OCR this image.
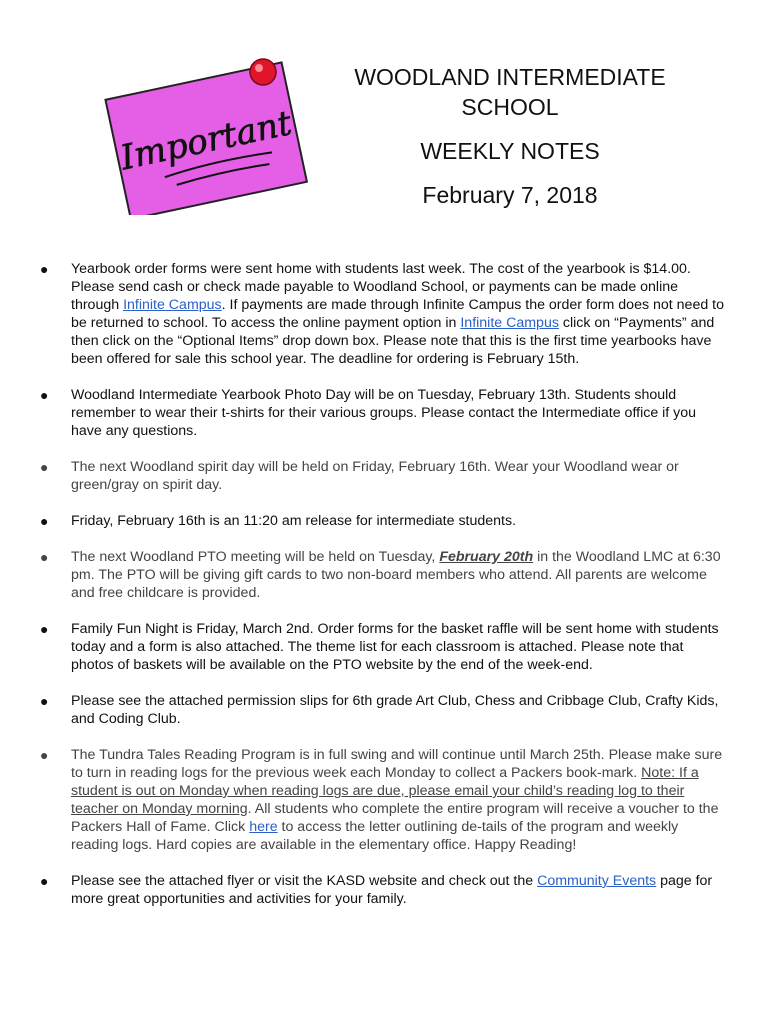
Important
WOODLAND INTERMEDIATE
SCHOOL
WEEKLY NOTES
February 7, 2018
● Yearbook order forms were sent home with students last week. The cost of the yearbook is $14.00. Please send cash or check made payable to Woodland School, or payments can be made online through Infinite Campus. If payments are made through Infinite Campus the order form does not need to be returned to school. To access the online payment option in Infinite Campus click on “Payments” and then click on the “Optional Items” drop down box. Please note that this is the first time yearbooks have been offered for sale this school year. The deadline for ordering is February 15th.

● Woodland Intermediate Yearbook Photo Day will be on Tuesday, February 13th. Students should remember to wear their t-shirts for their various groups. Please contact the Intermediate office if you have any questions.

● The next Woodland spirit day will be held on Friday, February 16th. Wear your Woodland wear or green/gray on spirit day.

● Friday, February 16th is an 11:20 am release for intermediate students.

● The next Woodland PTO meeting will be held on Tuesday, February 20th in the Woodland LMC at 6:30 pm. The PTO will be giving gift cards to two non-board members who attend. All parents are welcome and free childcare is provided.

● Family Fun Night is Friday, March 2nd. Order forms for the basket raffle will be sent home with students today and a form is also attached. The theme list for each classroom is attached. Please note that photos of baskets will be available on the PTO website by the end of the week-end.

● Please see the attached permission slips for 6th grade Art Club, Chess and Cribbage Club, Crafty Kids, and Coding Club.

● The Tundra Tales Reading Program is in full swing and will continue until March 25th. Please make sure to turn in reading logs for the previous week each Monday to collect a Packers book-mark. Note: If a student is out on Monday when reading logs are due, please email your child’s reading log to their teacher on Monday morning. All students who complete the entire program will receive a voucher to the Packers Hall of Fame. Click here to access the letter outlining de-tails of the program and weekly reading logs. Hard copies are available in the elementary office. Happy Reading!

● Please see the attached flyer or visit the KASD website and check out the Community Events page for more great opportunities and activities for your family.
